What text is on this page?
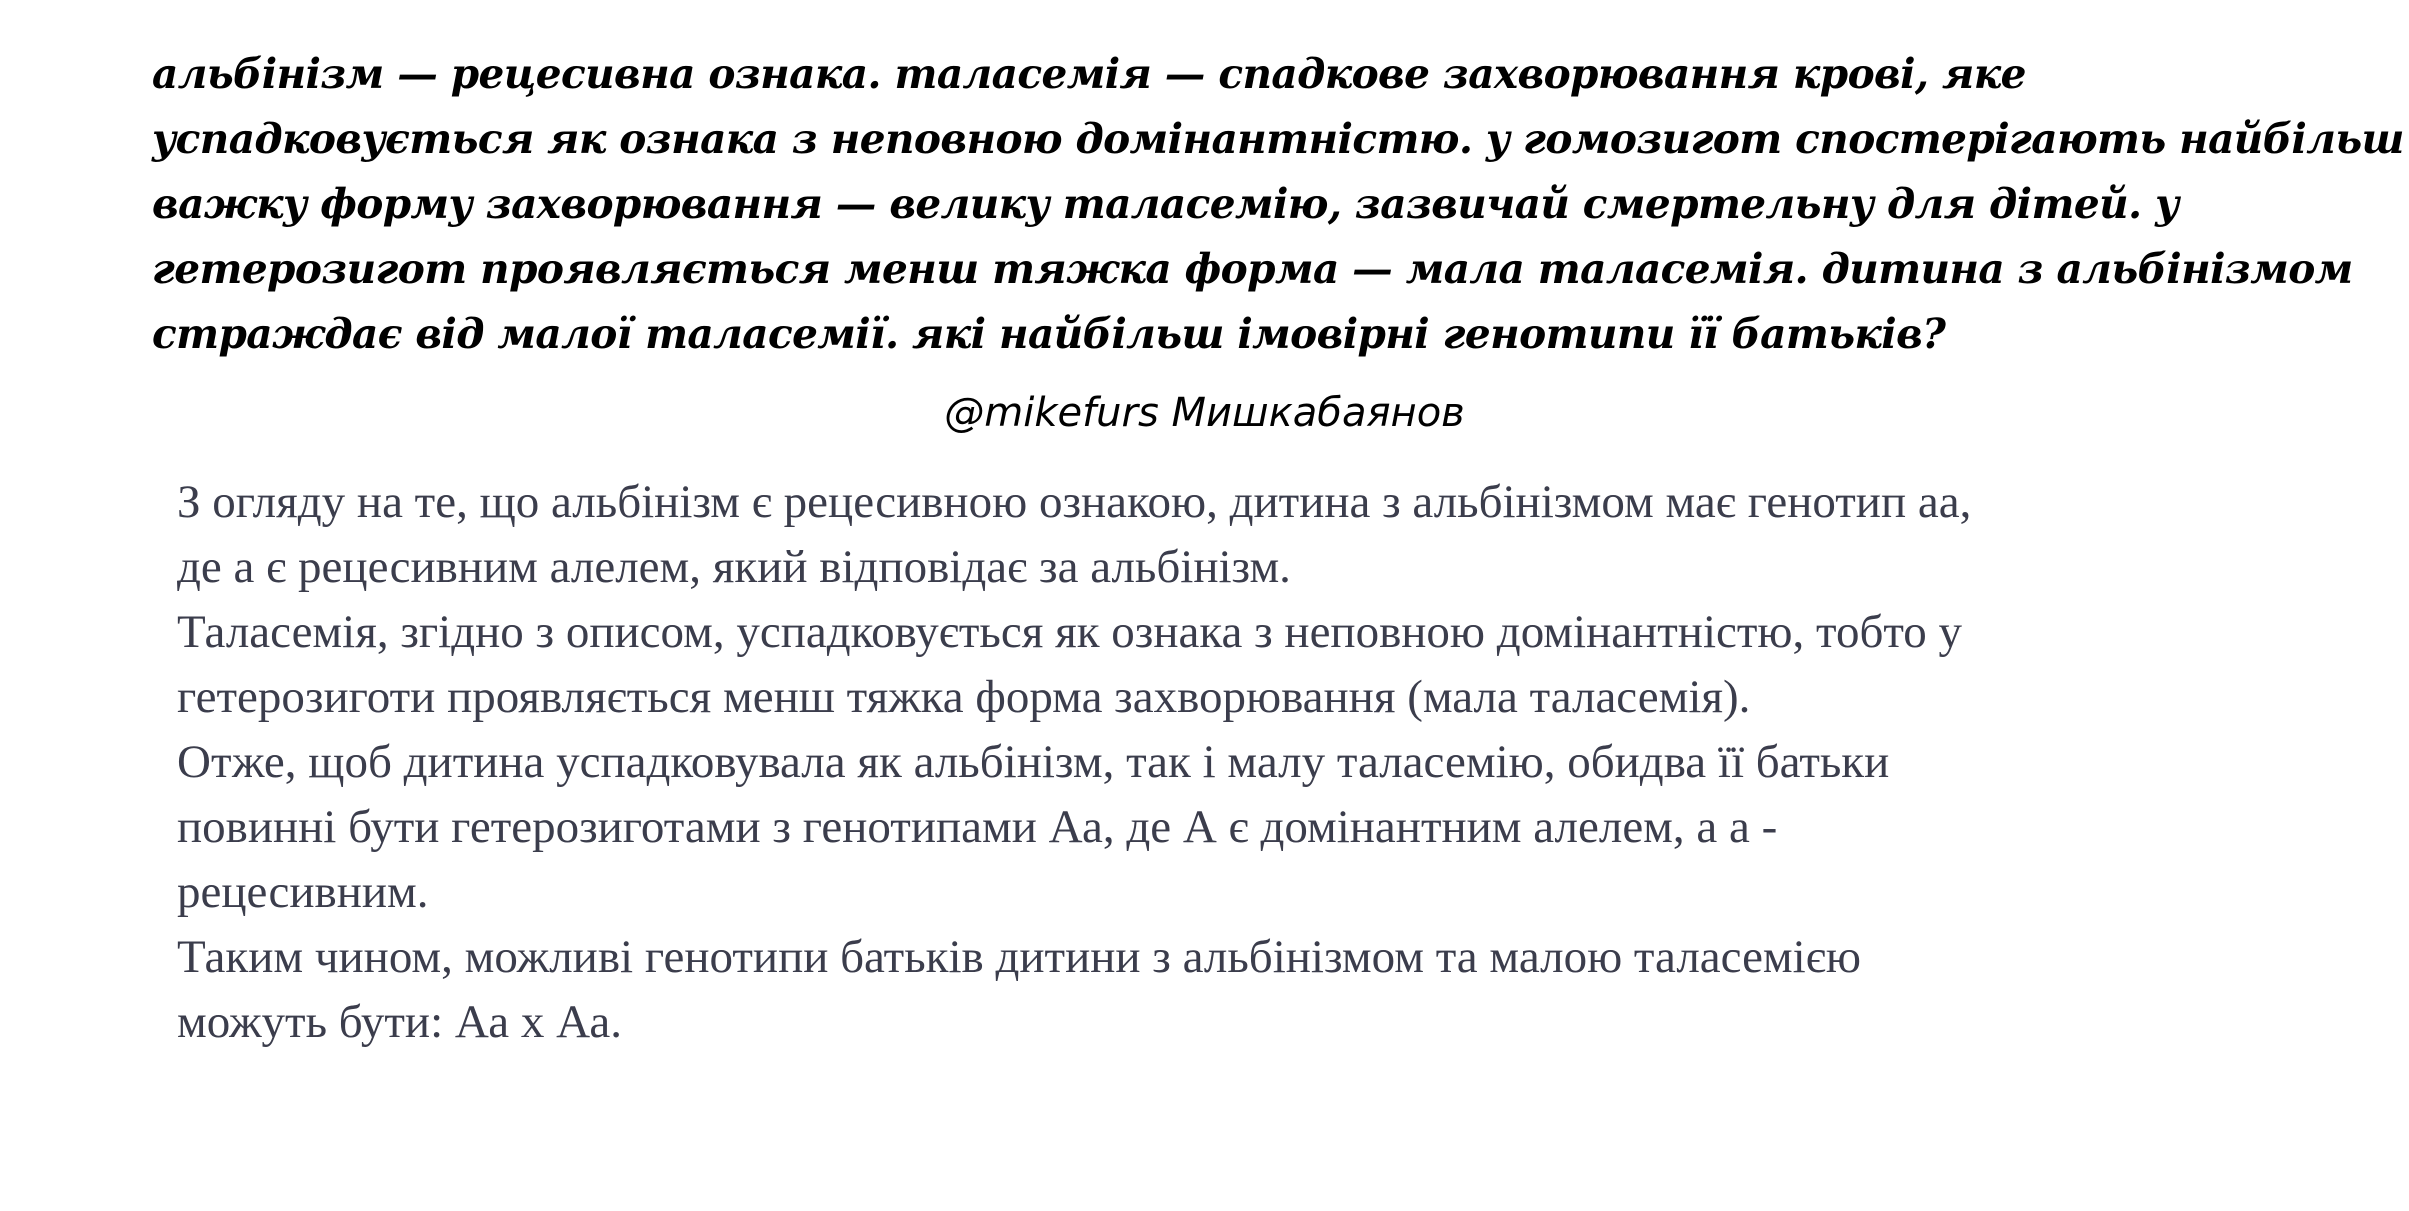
альбінізм — рецесивна ознака. таласемія — спадкове захворювання крові, яке
успадковується як ознака з неповною домінантністю. у гомозигот спостерігають найбільш
важку форму захворювання — велику таласемію, зазвичай смертельну для дітей. у
гетерозигот проявляється менш тяжка форма — мала таласемія. дитина з альбінізмом
страждає від малої таласемії. які найбільш імовірні генотипи її батьків?

@mikefurs Мишкабаянов

З огляду на те, що альбінізм є рецесивною ознакою, дитина з альбінізмом має генотип аа,
де а є рецесивним алелем, який відповідає за альбінізм.
Таласемія, згідно з описом, успадковується як ознака з неповною домінантністю, тобто у
гетерозиготи проявляється менш тяжка форма захворювання (мала таласемія).
Отже, щоб дитина успадковувала як альбінізм, так і малу таласемію, обидва її батьки
повинні бути гетерозиготами з генотипами Аа, де А є домінантним алелем, а а -
рецесивним.
Таким чином, можливі генотипи батьків дитини з альбінізмом та малою таласемією
можуть бути: Аа х Аа.
